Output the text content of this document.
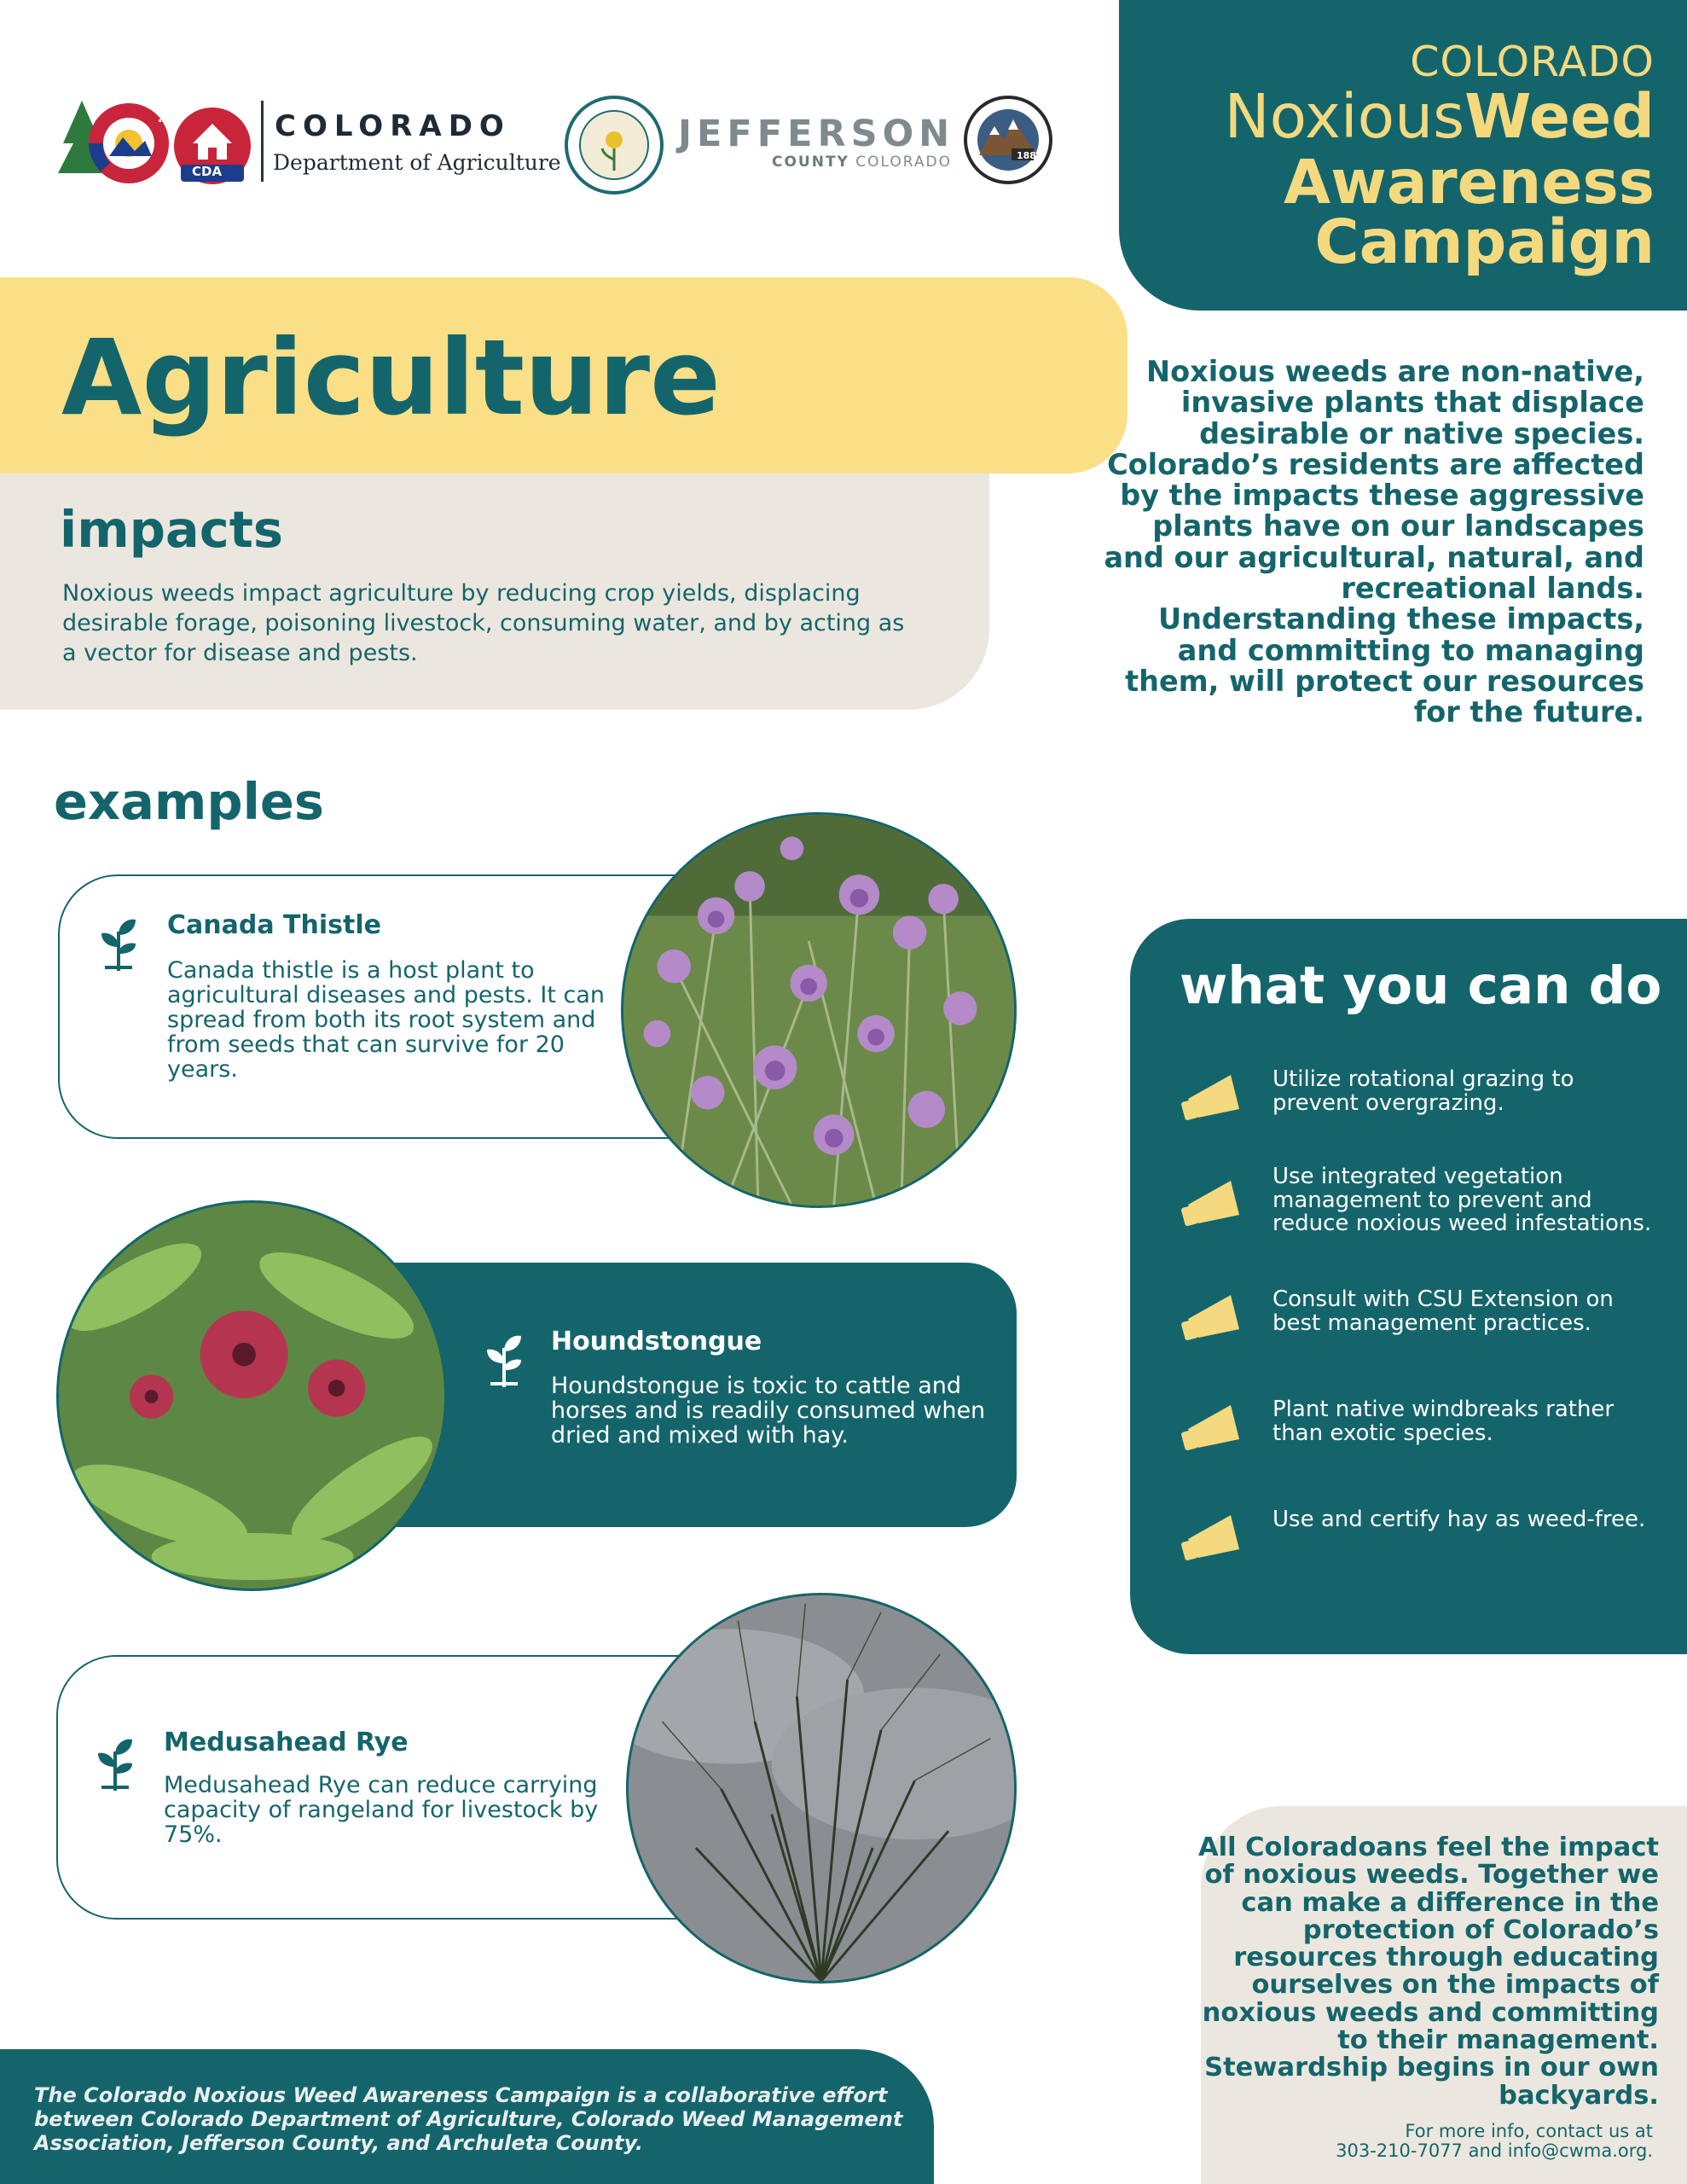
CDA
COLORADO
Department of Agriculture
JEFFERSON
COUNTY COLORADO	1885
COLORADO
NoxiousWeed
Awareness
Campaign
Agriculture
impacts
Noxious weeds impact agriculture by reducing crop yields, displacing desirable forage, poisoning livestock, consuming water, and by acting as a vector for disease and pests.
Noxious weeds are non-native, invasive plants that displace desirable or native species. Colorado’s residents are affected by the impacts these aggressive plants have on our landscapes and our agricultural, natural, and recreational lands. Understanding these impacts, and committing to managing them, will protect our resources for the future.
examples
Canada Thistle
Canada thistle is a host plant to agricultural diseases and pests. It can spread from both its root system and from seeds that can survive for 20 years.
Houndstongue
Houndstongue is toxic to cattle and horses and is readily consumed when dried and mixed with hay.
Medusahead Rye
Medusahead Rye can reduce carrying capacity of rangeland for livestock by 75%.
what you can do
Utilize rotational grazing to prevent overgrazing.
Use integrated vegetation management to prevent and reduce noxious weed infestations.
Consult with CSU Extension on best management practices.
Plant native windbreaks rather than exotic species.
Use and certify hay as weed-free.
All Coloradoans feel the impact of noxious weeds. Together we can make a difference in the protection of Colorado’s resources through educating ourselves on the impacts of noxious weeds and committing to their management. Stewardship begins in our own backyards.
For more info, contact us at
303-210-7077 and info@cwma.org.
The Colorado Noxious Weed Awareness Campaign is a collaborative effort between Colorado Department of Agriculture, Colorado Weed Management Association, Jefferson County, and Archuleta County.
